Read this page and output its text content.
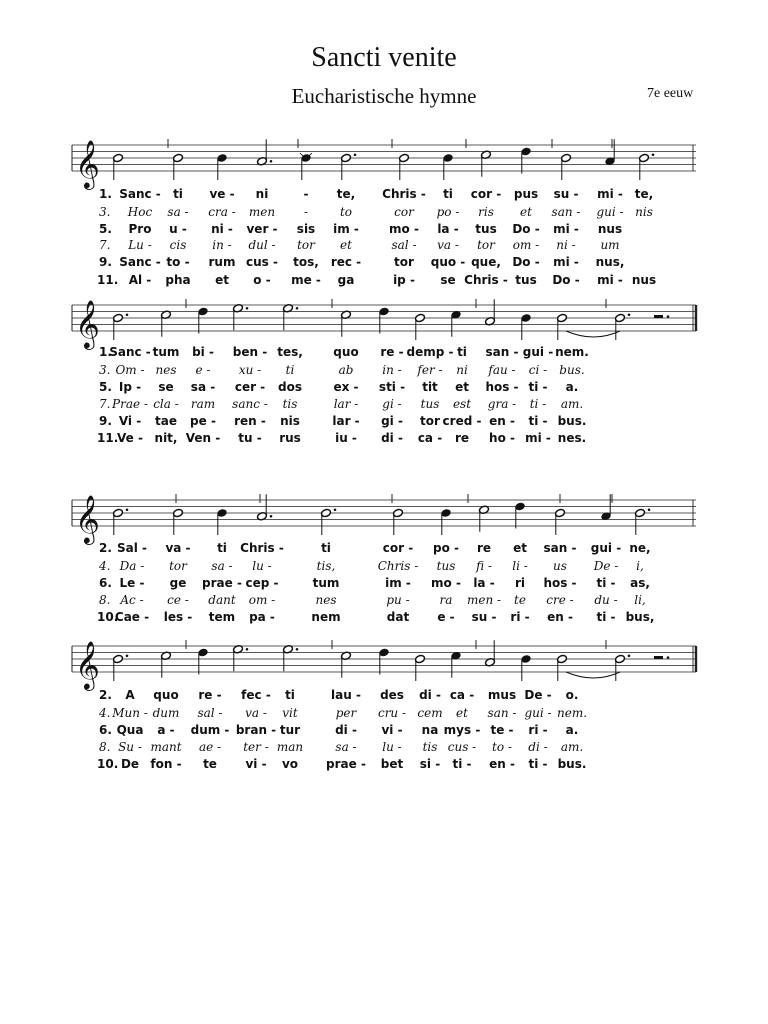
Sancti venite
Eucharistische hymne	7e eeuw
𝄞
𝄞
𝄞
𝄞
1. Sanc - ti ve - ni	- te, Chris - ti cor - pus su - mi - te,
3. Hoc sa - cra - men -	to	cor po - ris et san - gui - nis
5. Pro u - ni - ver - sis im -	mo - la - tus Do - mi - nus
7. Lu - cis in - dul - tor et	sal - va - tor om - ni - um
9. Sanc - to - rum cus - tos, rec -	tor quo - que, Do - mi - nus,
11. Al - pha et o - me - ga	ip - se Chris - tus Do - mi - nus
1.
Sanc - tum bi - ben - tes,	quo re - demp - ti san - gui - nem.
3. Om - nes e - xu - ti	ab in - fer - ni fau - ci - bus.
5. Ip - se sa - cer - dos	ex - sti - tit et hos - ti - a.
7. Prae - cla - ram sanc - tis	lar - gi - tus est gra - ti - am.
9. Vi - tae pe - ren - nis	lar - gi - tor cred - en - ti - bus.
11.
Ve - nit, Ven - tu - rus	iu - di - ca - re ho - mi - nes.
2. Sal - va - ti Chris -	ti	cor - po - re et san - gui - ne,
4. Da - tor sa - lu -	tis,	Chris - tus fi - li - us De - i,
6. Le - ge prae - cep -	tum	im - mo - la - ri hos - ti - as,
8. Ac - ce - dant om -	nes	pu - ra men - te cre - du - li,
10.
Cae - les - tem pa -	nem	dat e - su - ri - en - ti - bus,
2. A quo re - fec - ti	lau - des di - ca - mus De - o.
4. Mun - dum sal - va - vit	per cru - cem et san - gui - nem.
6. Qua a - dum - bran - tur	di - vi - na mys - te - ri - a.
8. Su - mant ae - ter - man	sa - lu - tis cus - to - di - am.
10. De fon - te vi - vo prae - bet si - ti - en - ti - bus.
